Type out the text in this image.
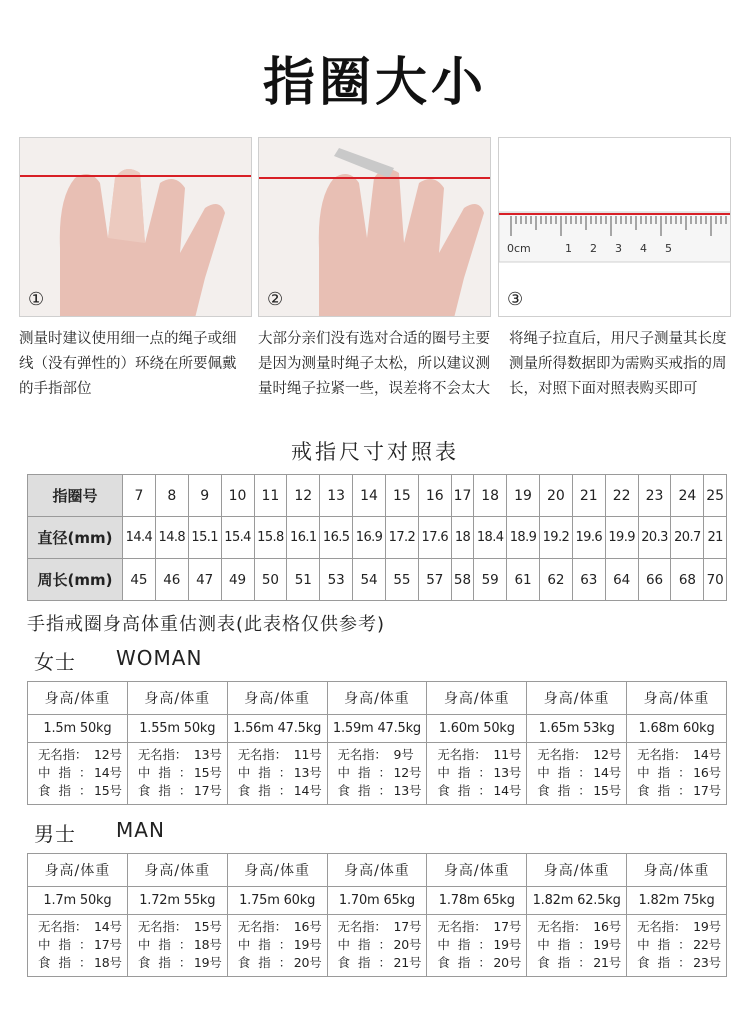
指圈大小
①	②
0cm	1 2 3 4 5
③
测量时建议使用细一点的绳子或细线（没有弹性的）环绕在所要佩戴的手指部位
大部分亲们没有选对合适的圈号主要是因为测量时绳子太松，所以建议测量时绳子拉紧一些，误差将不会太大
将绳子拉直后，用尺子测量其长度测量所得数据即为需购买戒指的周长，对照下面对照表购买即可
戒指尺寸对照表
指圈号	7	8	9	10	11	12	13	14	15	16	17	18	19	20	21	22	23	24	25
直径(mm)	14.4	14.8	15.1	15.4	15.8	16.1	16.5	16.9	17.2	17.6	18	18.4	18.9	19.2	19.6	19.9	20.3	20.7	21
周长(mm)	45	46	47	49	50	51	53	54	55	57	58	59	61	62	63	64	66	68	70
手指戒圈身高体重估测表(此表格仅供参考)
女士 WOMAN
身高/体重	身高/体重	身高/体重	身高/体重	身高/体重	身高/体重	身高/体重
1.5m 50kg	1.55m 50kg	1.56m 47.5kg	1.59m 47.5kg	1.60m 50kg	1.65m 53kg	1.68m 60kg

无名指： 12号
中指：14号
食指：15号	无名指： 13号
中指：15号
食指：17号	无名指： 11号
中指：13号
食指：14号	无名指： 9号
中指：12号
食指：13号	无名指： 11号
中指：13号
食指：14号	无名指： 12号
中指：14号
食指：15号	无名指： 14号
中指：16号
食指：17号
男士 MAN
身高/体重	身高/体重	身高/体重	身高/体重	身高/体重	身高/体重	身高/体重
1.7m 50kg	1.72m 55kg	1.75m 60kg	1.70m 65kg	1.78m 65kg	1.82m 62.5kg	1.82m 75kg

无名指： 14号
中指：17号
食指：18号	无名指： 15号
中指：18号
食指：19号	无名指： 16号
中指：19号
食指：20号	无名指： 17号
中指：20号
食指：21号	无名指： 17号
中指：19号
食指：20号	无名指： 16号
中指：19号
食指：21号	无名指： 19号
中指：22号
食指：23号
